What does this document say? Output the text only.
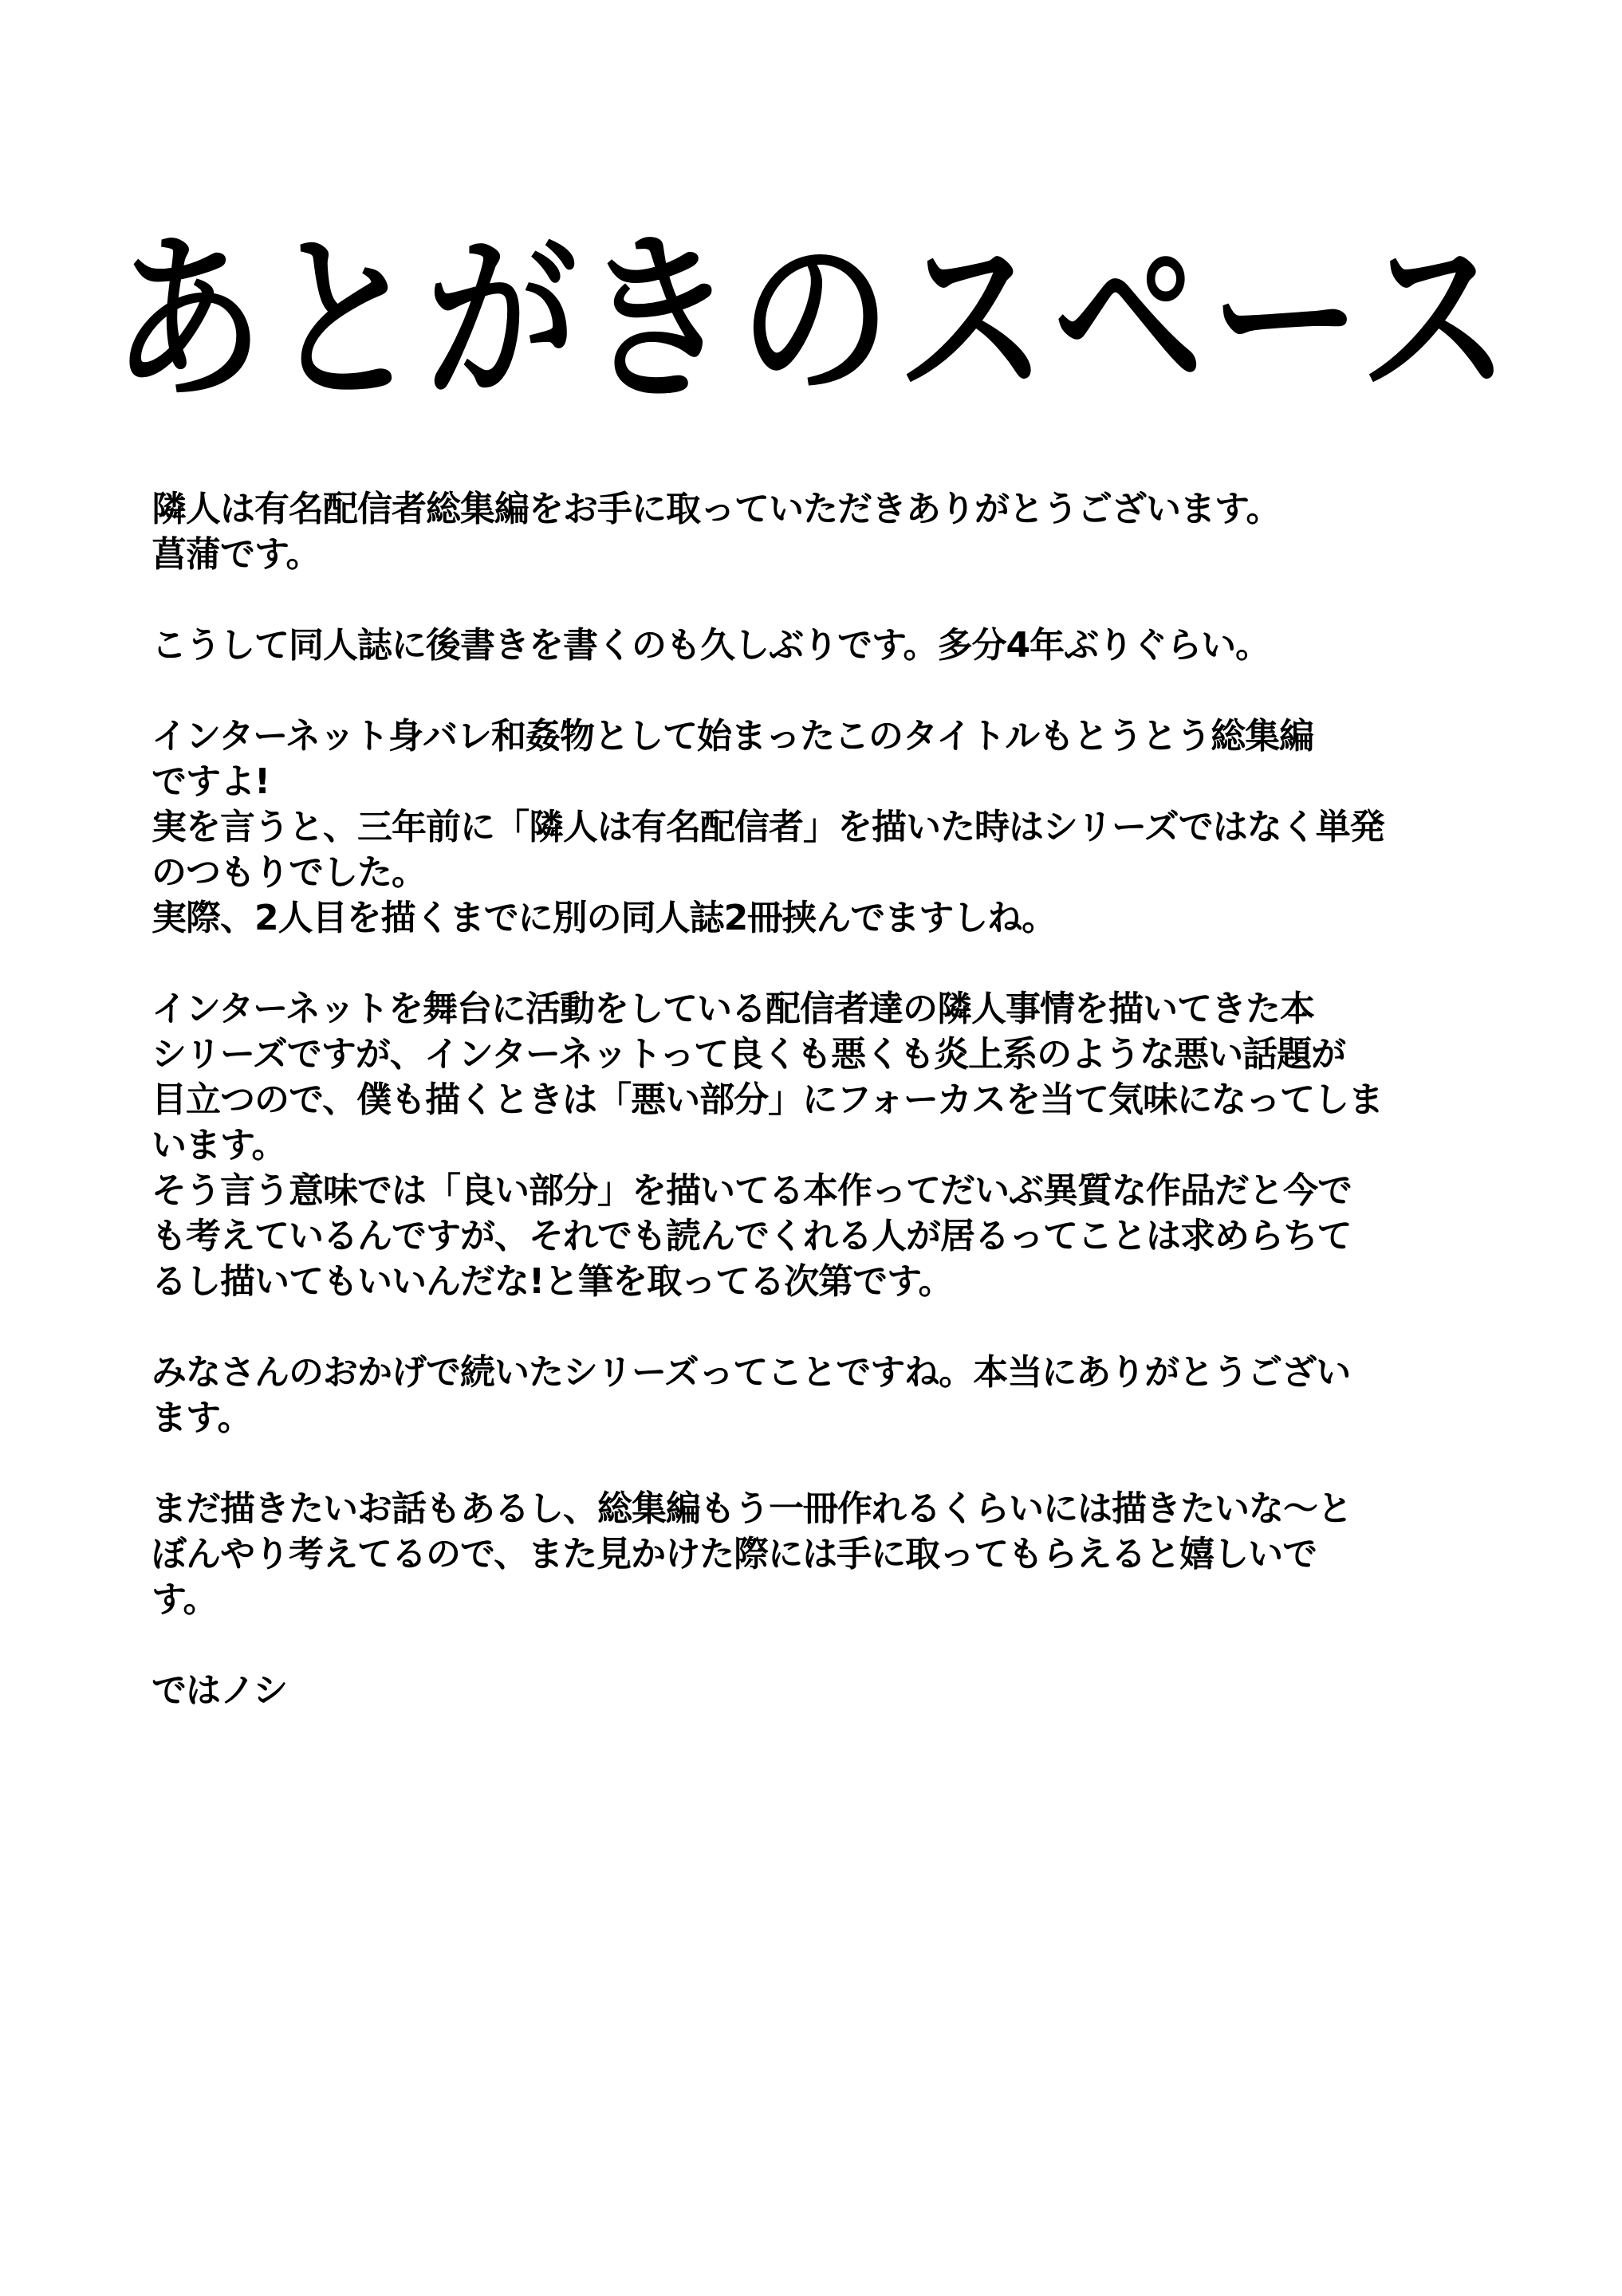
あとがきのスペース
隣人は有名配信者総集編をお手に取っていただきありがとうございます。
菖蒲です。
こうして同人誌に後書きを書くのも久しぶりです。多分4年ぶりぐらい。
インターネット身バレ和姦物として始まったこのタイトルもとうとう総集編
ですよ!
実を言うと、三年前に「隣人は有名配信者」を描いた時はシリーズではなく単発
のつもりでした。
実際、2人目を描くまでに別の同人誌2冊挟んでますしね。
インターネットを舞台に活動をしている配信者達の隣人事情を描いてきた本
シリーズですが、インターネットって良くも悪くも炎上系のような悪い話題が
目立つので、僕も描くときは「悪い部分」にフォーカスを当て気味になってしま
います。
そう言う意味では「良い部分」を描いてる本作ってだいぶ異質な作品だと今で
も考えているんですが、それでも読んでくれる人が居るってことは求めらちて
るし描いてもいいんだな!と筆を取ってる次第です。
みなさんのおかげで続いたシリーズってことですね。本当にありがとうござい
ます。
まだ描きたいお話もあるし、総集編もう一冊作れるくらいには描きたいな〜と
ぼんやり考えてるので、また見かけた際には手に取ってもらえると嬉しいで
す。
ではノシ
